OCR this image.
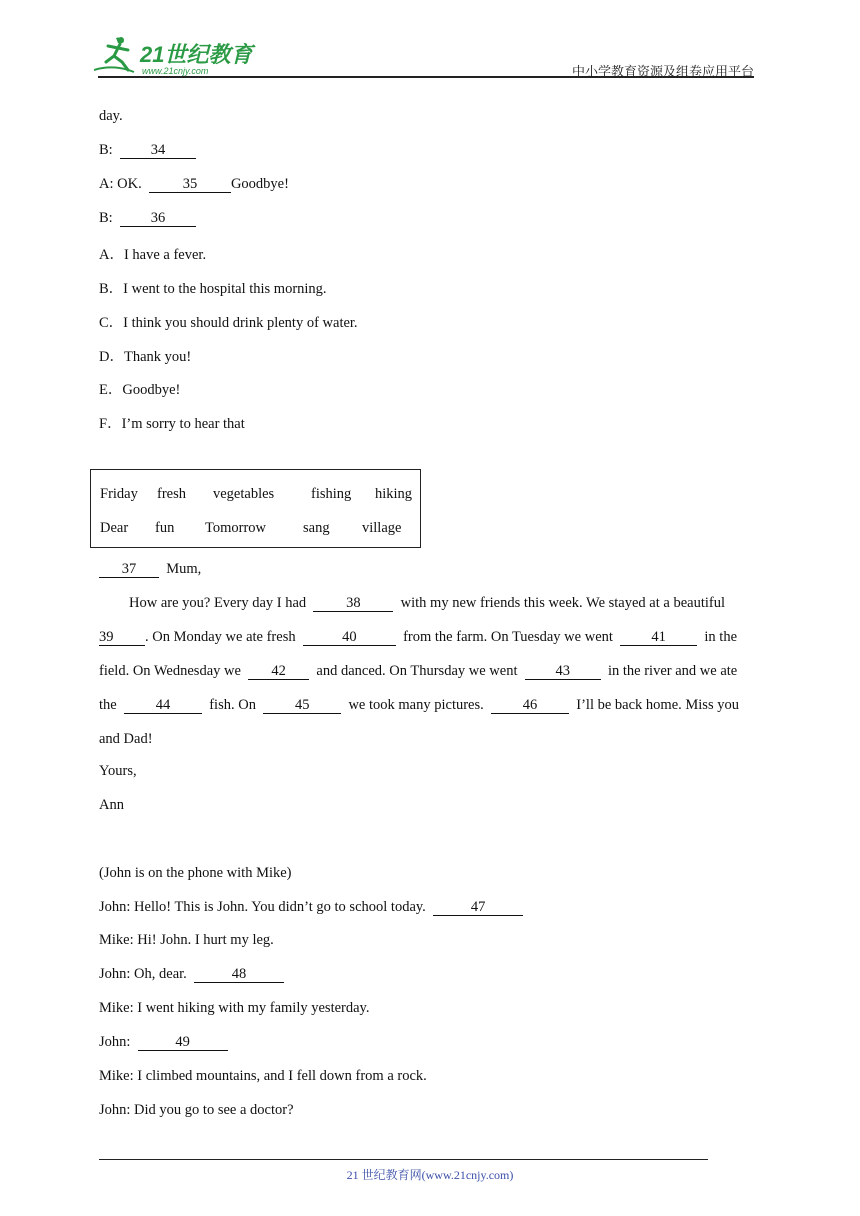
21世纪教育
www.21cnjy.com	中小学教育资源及组卷应用平台
day.
B:	34
A: OK.	35 Goodbye!
B:	36
A．I have a fever.
B．I went to the hospital this morning.
C．I think you should drink plenty of water.
D．Thank you!
E．Goodbye!
F．I’m sorry to hear that
Friday fresh vegetables	fishing hiking
Dear fun Tomorrow	sang village
37 Mum,
How are you? Every day I had	38	with my new friends this week. We stayed at a beautiful
39 . On Monday we ate fresh	40	from the farm. On Tuesday we went	41	in the
field. On Wednesday we 42 and danced. On Thursday we went	43	in the river and we ate
the	44	fish. On	45	we took many pictures.	46	I’ll be back home. Miss you
and Dad!
Yours,
Ann
(John is on the phone with Mike)
John: Hello! This is John. You didn’t go to school today.	47
Mike: Hi! John. I hurt my leg.
John: Oh, dear.	48
Mike: I went hiking with my family yesterday.
John:	49
Mike: I climbed mountains, and I fell down from a rock.
John: Did you go to see a doctor?
21 世纪教育网(www.21cnjy.com)
